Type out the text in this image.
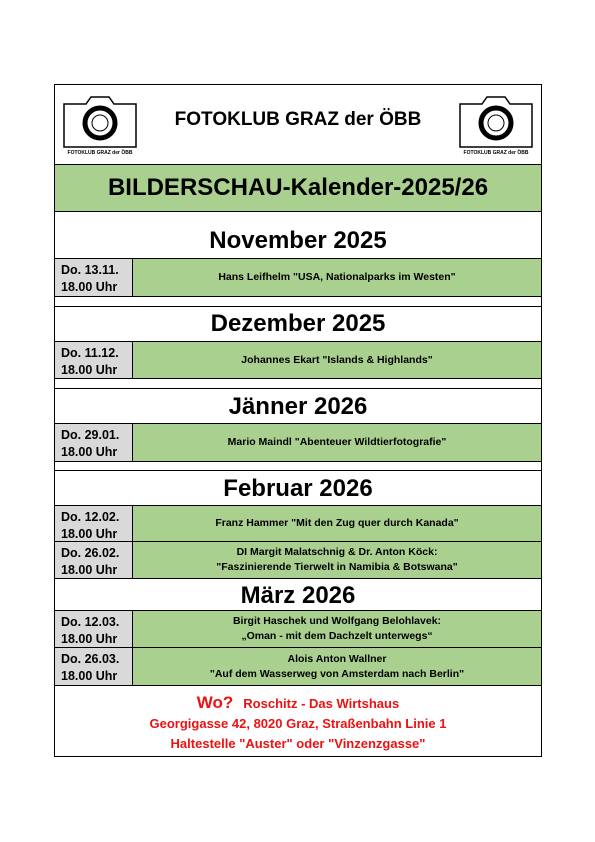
FOTOKLUB GRAZ der ÖBB
FOTOKLUB GRAZ der ÖBB
FOTOKLUB GRAZ der ÖBB
BILDERSCHAU-Kalender-2025/26
November 2025
Do. 13.11.
18.00 Uhr
Hans Leifhelm "USA, Nationalparks im Westen"
Dezember 2025
Do. 11.12.
18.00 Uhr
Johannes Ekart "Islands & Highlands"
Jänner 2026
Do. 29.01.
18.00 Uhr
Mario Maindl "Abenteuer Wildtierfotografie"
Februar 2026
Do. 12.02.
18.00 Uhr
Franz Hammer "Mit den Zug quer durch Kanada"
Do. 26.02.
18.00 Uhr
DI Margit Malatschnig & Dr. Anton Köck:
"Faszinierende Tierwelt in Namibia & Botswana"
März 2026
Do. 12.03.
18.00 Uhr
Birgit Haschek und Wolfgang Belohlavek:
„Oman - mit dem Dachzelt unterwegs“
Do. 26.03.
18.00 Uhr
Alois Anton Wallner
"Auf dem Wasserweg von Amsterdam nach Berlin"
Wo? Roschitz - Das Wirtshaus
Georgigasse 42, 8020 Graz, Straßenbahn Linie 1
Haltestelle "Auster" oder "Vinzenzgasse"
